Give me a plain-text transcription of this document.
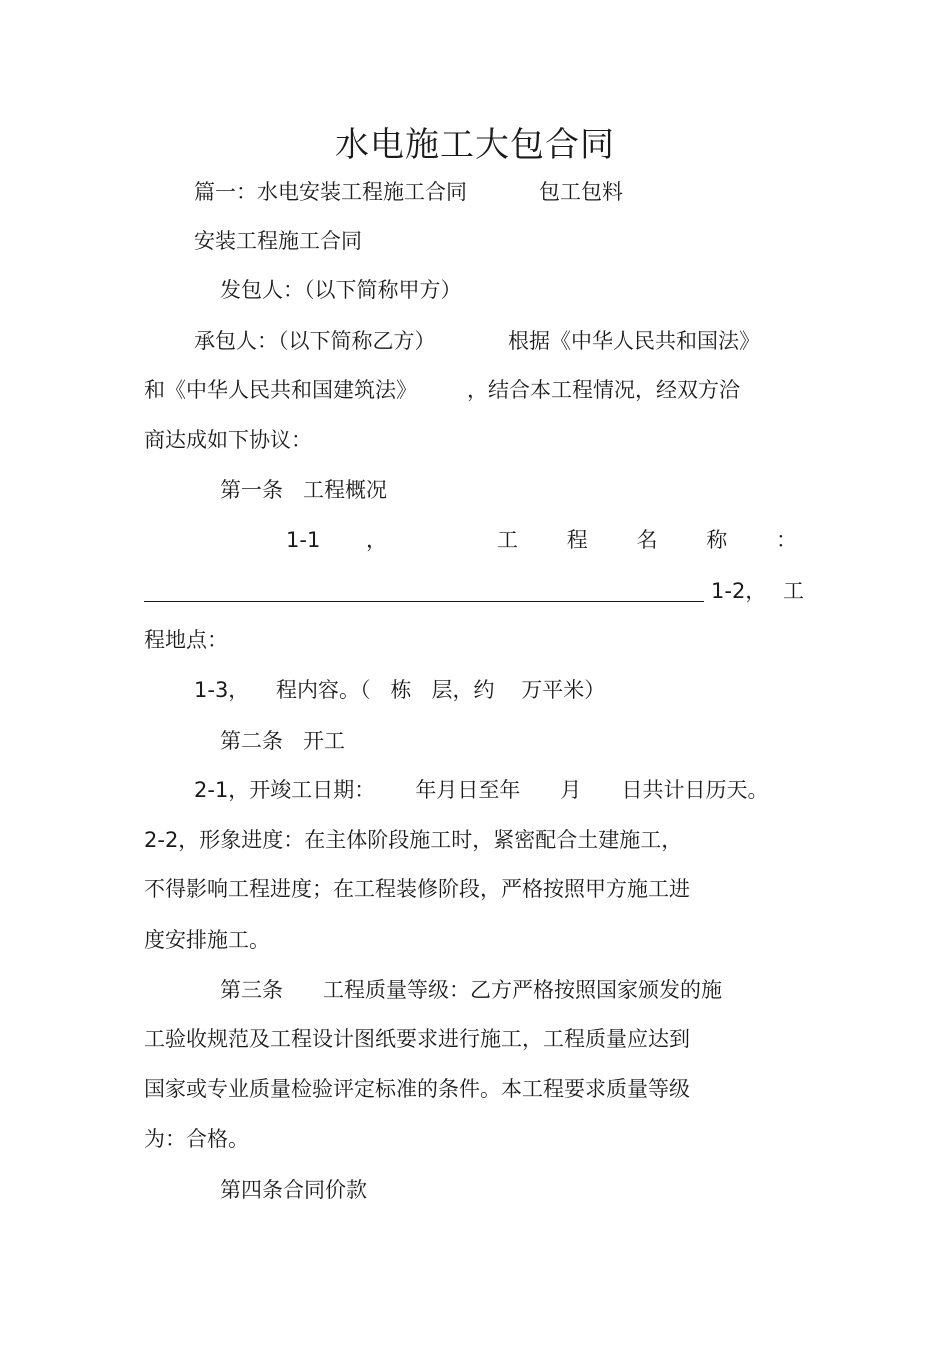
水电施工大包合同
篇一：水电安装工程施工合同	包工包料
安装工程施工合同
发包人：（以下简称甲方）
承包人：（以下简称乙方）	根据《中华人民共和国法》
和《中华人民共和国建筑法》 ，结合本工程情况，经双方洽
商达成如下协议：
第一条   工程概况
1-1 ，	工 程 名 称 ：
1-2， 工
程地点：
1-3，    程内容。（   栋   层，约    万平米）
第二条   开工
2-1，开竣工日期：      年月日至年      月      日共计日历天。
2-2，形象进度：在主体阶段施工时，紧密配合土建施工，
不得影响工程进度；在工程装修阶段，严格按照甲方施工进
度安排施工。
第三条      工程质量等级：乙方严格按照国家颁发的施
工验收规范及工程设计图纸要求进行施工，工程质量应达到
国家或专业质量检验评定标准的条件。本工程要求质量等级
为：合格。
第四条合同价款
